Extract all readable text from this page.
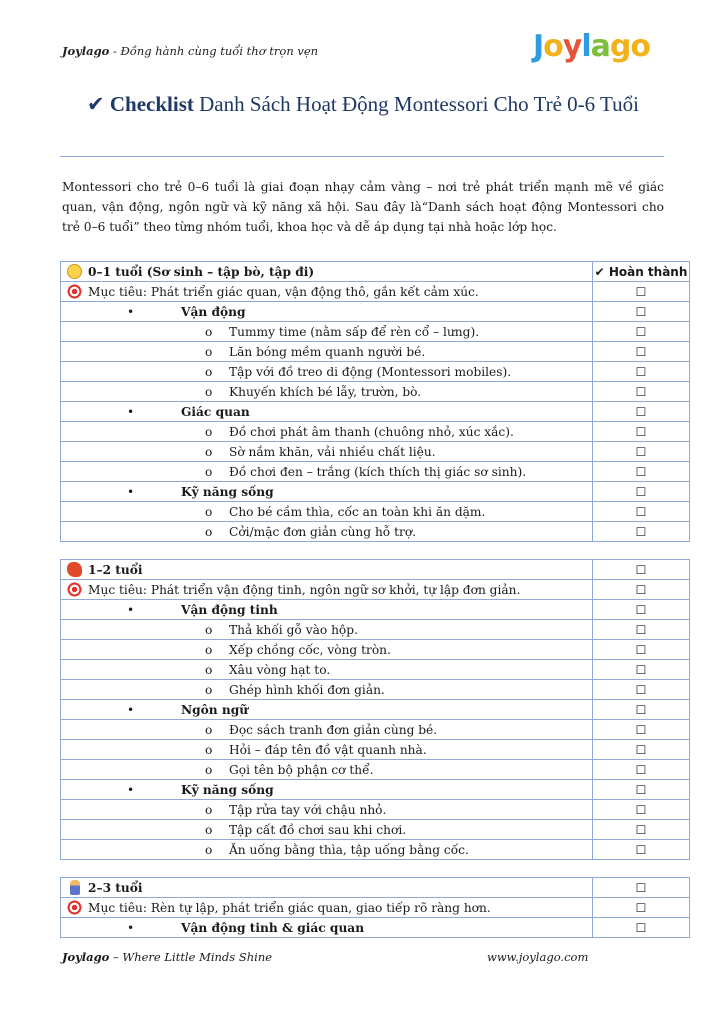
Joylago - Đồng hành cùng tuổi thơ trọn vẹn	Joylago
✔ Checklist Danh Sách Hoạt Động Montessori Cho Trẻ 0-6 Tuổi
Montessori cho trẻ 0–6 tuổi là giai đoạn nhạy cảm vàng – nơi trẻ phát triển mạnh mẽ về giác quan, vận động, ngôn ngữ và kỹ năng xã hội. Sau đây là“Danh sách hoạt động Montessori cho trẻ 0–6 tuổi” theo từng nhóm tuổi, khoa học và dễ áp dụng tại nhà hoặc lớp học.
0–1 tuổi (Sơ sinh – tập bò, tập đi)	✔ Hoàn thành
Mục tiêu: Phát triển giác quan, vận động thô, gắn kết cảm xúc.	☐
• Vận động	☐
o Tummy time (nằm sấp để rèn cổ – lưng).	☐
o Lăn bóng mềm quanh người bé.	☐
o Tập với đồ treo di động (Montessori mobiles).	☐
o Khuyến khích bé lẫy, trườn, bò.	☐
• Giác quan	☐
o Đồ chơi phát âm thanh (chuông nhỏ, xúc xắc).	☐
o Sờ nắm khăn, vải nhiều chất liệu.	☐
o Đồ chơi đen – trắng (kích thích thị giác sơ sinh).	☐
• Kỹ năng sống	☐
o Cho bé cầm thìa, cốc an toàn khi ăn dặm.	☐
o Cởi/mặc đơn giản cùng hỗ trợ.	☐
1–2 tuổi	☐
Mục tiêu: Phát triển vận động tinh, ngôn ngữ sơ khởi, tự lập đơn giản.	☐
• Vận động tinh	☐
o Thả khối gỗ vào hộp.	☐
o Xếp chồng cốc, vòng tròn.	☐
o Xâu vòng hạt to.	☐
o Ghép hình khối đơn giản.	☐
• Ngôn ngữ	☐
o Đọc sách tranh đơn giản cùng bé.	☐
o Hỏi – đáp tên đồ vật quanh nhà.	☐
o Gọi tên bộ phận cơ thể.	☐
• Kỹ năng sống	☐
o Tập rửa tay với chậu nhỏ.	☐
o Tập cất đồ chơi sau khi chơi.	☐
o Ăn uống bằng thìa, tập uống bằng cốc.	☐
2–3 tuổi	☐
Mục tiêu: Rèn tự lập, phát triển giác quan, giao tiếp rõ ràng hơn.	☐
• Vận động tinh & giác quan	☐
Joylago – Where Little Minds Shine	www.joylago.com
